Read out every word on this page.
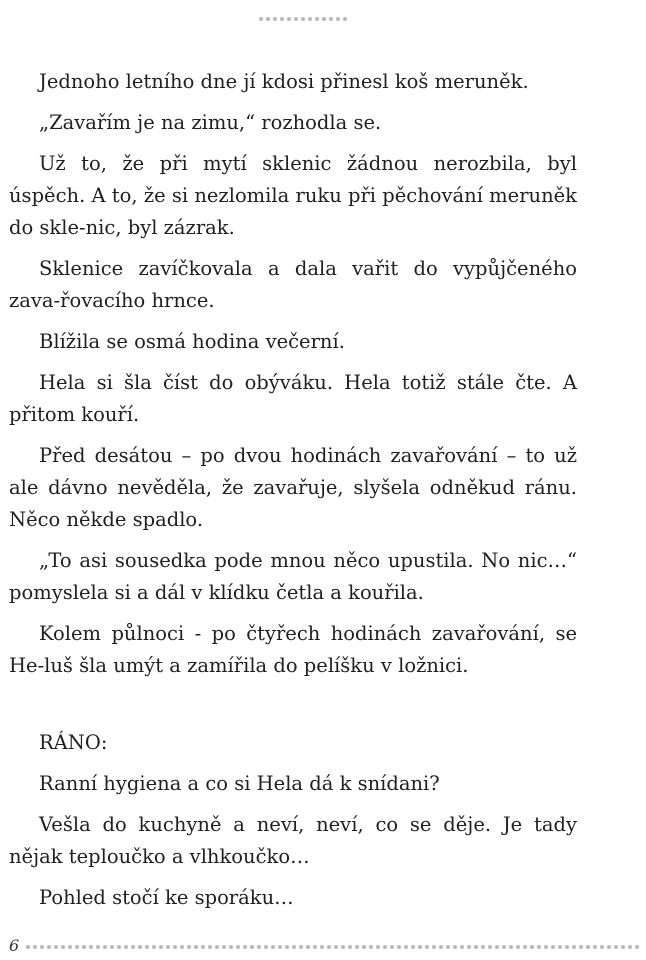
Jednoho letního dne jí kdosi přinesl koš meruněk.

„Zavařím je na zimu,“ rozhodla se.

Už to, že při mytí sklenic žádnou nerozbila, byl úspěch. A to, že si nezlomila ruku při pěchování meruněk do skle-nic, byl zázrak.

Sklenice zavíčkovala a dala vařit do vypůjčeného zava-řovacího hrnce.

Blížila se osmá hodina večerní.

Hela si šla číst do obýváku. Hela totiž stále čte. A přitom kouří.

Před desátou – po dvou hodinách zavařování – to už ale dávno nevěděla, že zavařuje, slyšela odněkud ránu. Něco někde spadlo.

„To asi sousedka pode mnou něco upustila. No nic…“ pomyslela si a dál v klídku četla a kouřila.

Kolem půlnoci - po čtyřech hodinách zavařování, se He-luš šla umýt a zamířila do pelíšku v ložnici.

RÁNO:

Ranní hygiena a co si Hela dá k snídani?

Vešla do kuchyně a neví, neví, co se děje. Je tady nějak teploučko a vlhkoučko…

Pohled stočí ke sporáku…

6
